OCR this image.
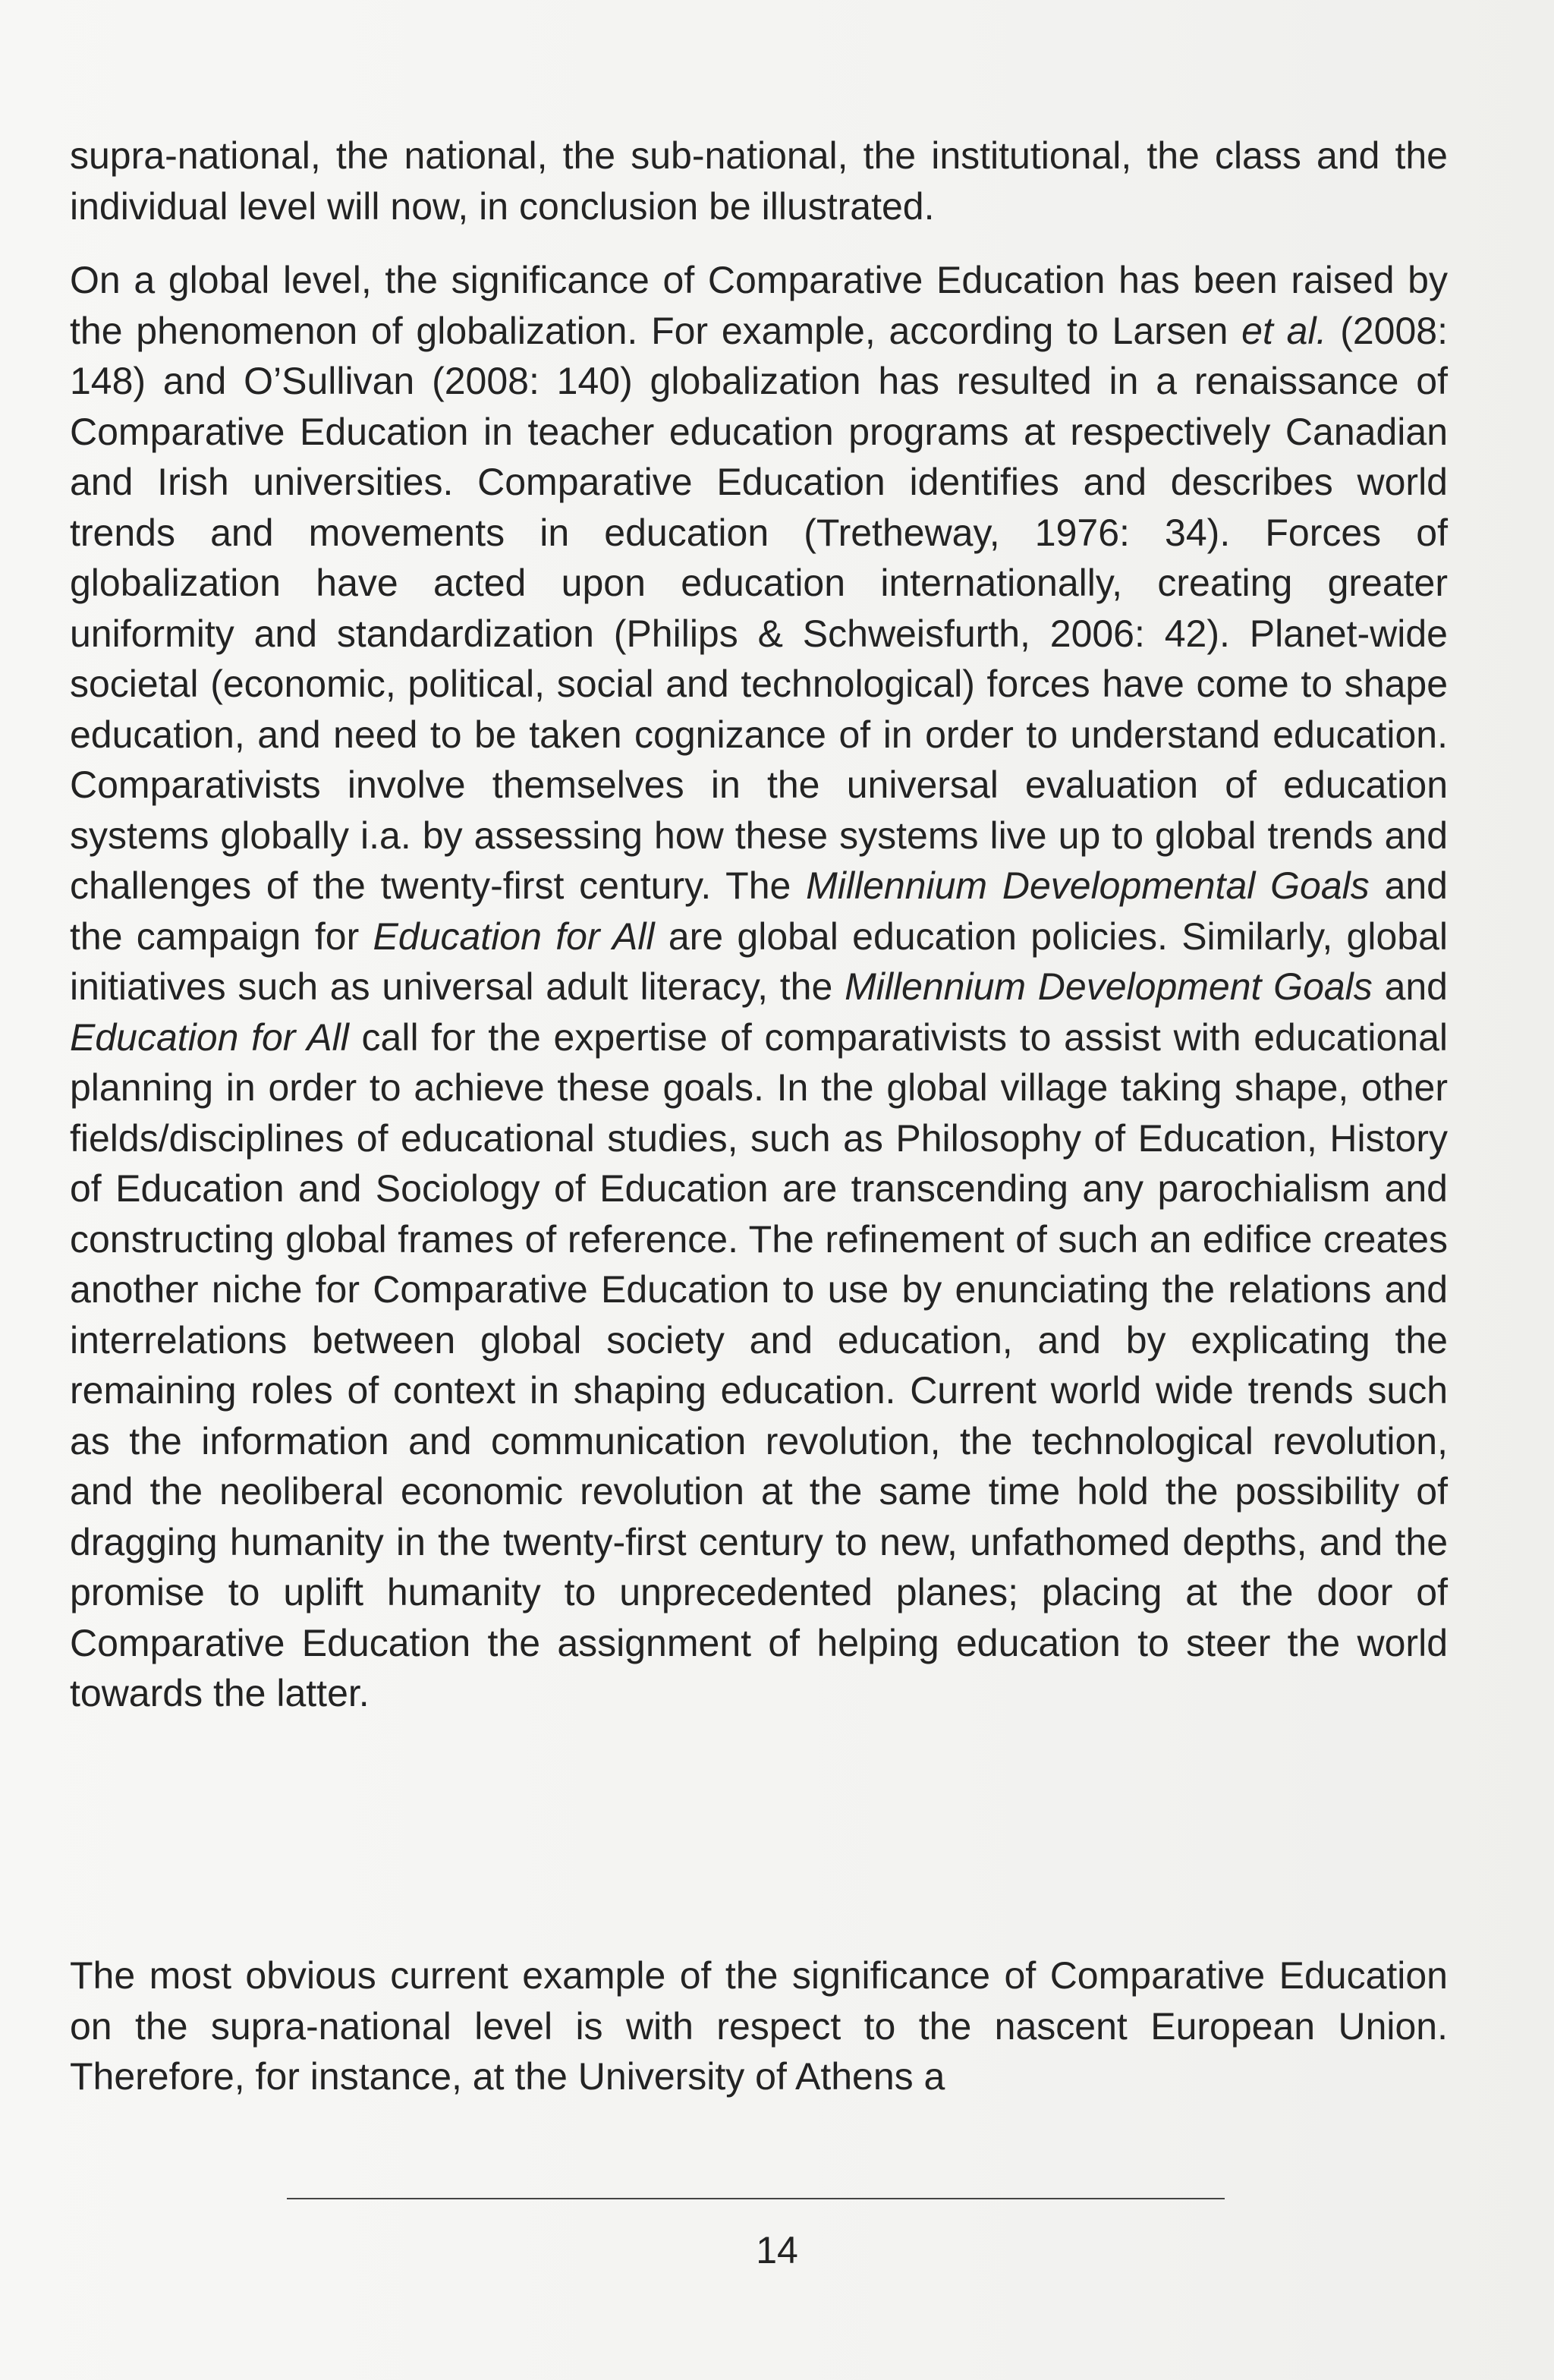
supra-national, the national, the sub-national, the institutional, the class and the individual level will now, in conclusion be illustrated.

On a global level, the significance of Comparative Education has been raised by the phenomenon of globalization. For example, according to Larsen et al. (2008: 148) and O’Sullivan (2008: 140) globalization has resulted in a renaissance of Comparative Education in teacher education programs at respectively Canadian and Irish universities. Comparative Education identifies and describes world trends and movements in education (Tretheway, 1976: 34). Forces of globalization have acted upon education internationally, creating greater uniformity and standardization (Philips & Schweisfurth, 2006: 42). Planet-wide societal (economic, political, social and technological) forces have come to shape education, and need to be taken cognizance of in order to understand education. Comparativists involve themselves in the universal evaluation of education systems globally i.a. by assessing how these systems live up to global trends and challenges of the twenty-first century. The Millennium Developmental Goals and the campaign for Education for All are global education policies. Similarly, global initiatives such as universal adult literacy, the Millennium Development Goals and Education for All call for the expertise of comparativists to assist with educational planning in order to achieve these goals. In the global village taking shape, other fields/disciplines of educational studies, such as Philosophy of Education, History of Education and Sociology of Education are transcending any parochialism and constructing global frames of reference. The refinement of such an edifice creates another niche for Comparative Education to use by enunciating the relations and interrelations between global society and education, and by explicating the remaining roles of context in shaping education. Current world wide trends such as the information and communication revolution, the technological revolution, and the neoliberal economic revolution at the same time hold the possibility of dragging humanity in the twenty-first century to new, unfathomed depths, and the promise to uplift humanity to unprecedented planes; placing at the door of Comparative Education the assignment of helping education to steer the world towards the latter.

The most obvious current example of the significance of Comparative Education on the supra-national level is with respect to the nascent European Union. Therefore, for instance, at the University of Athens a

14
